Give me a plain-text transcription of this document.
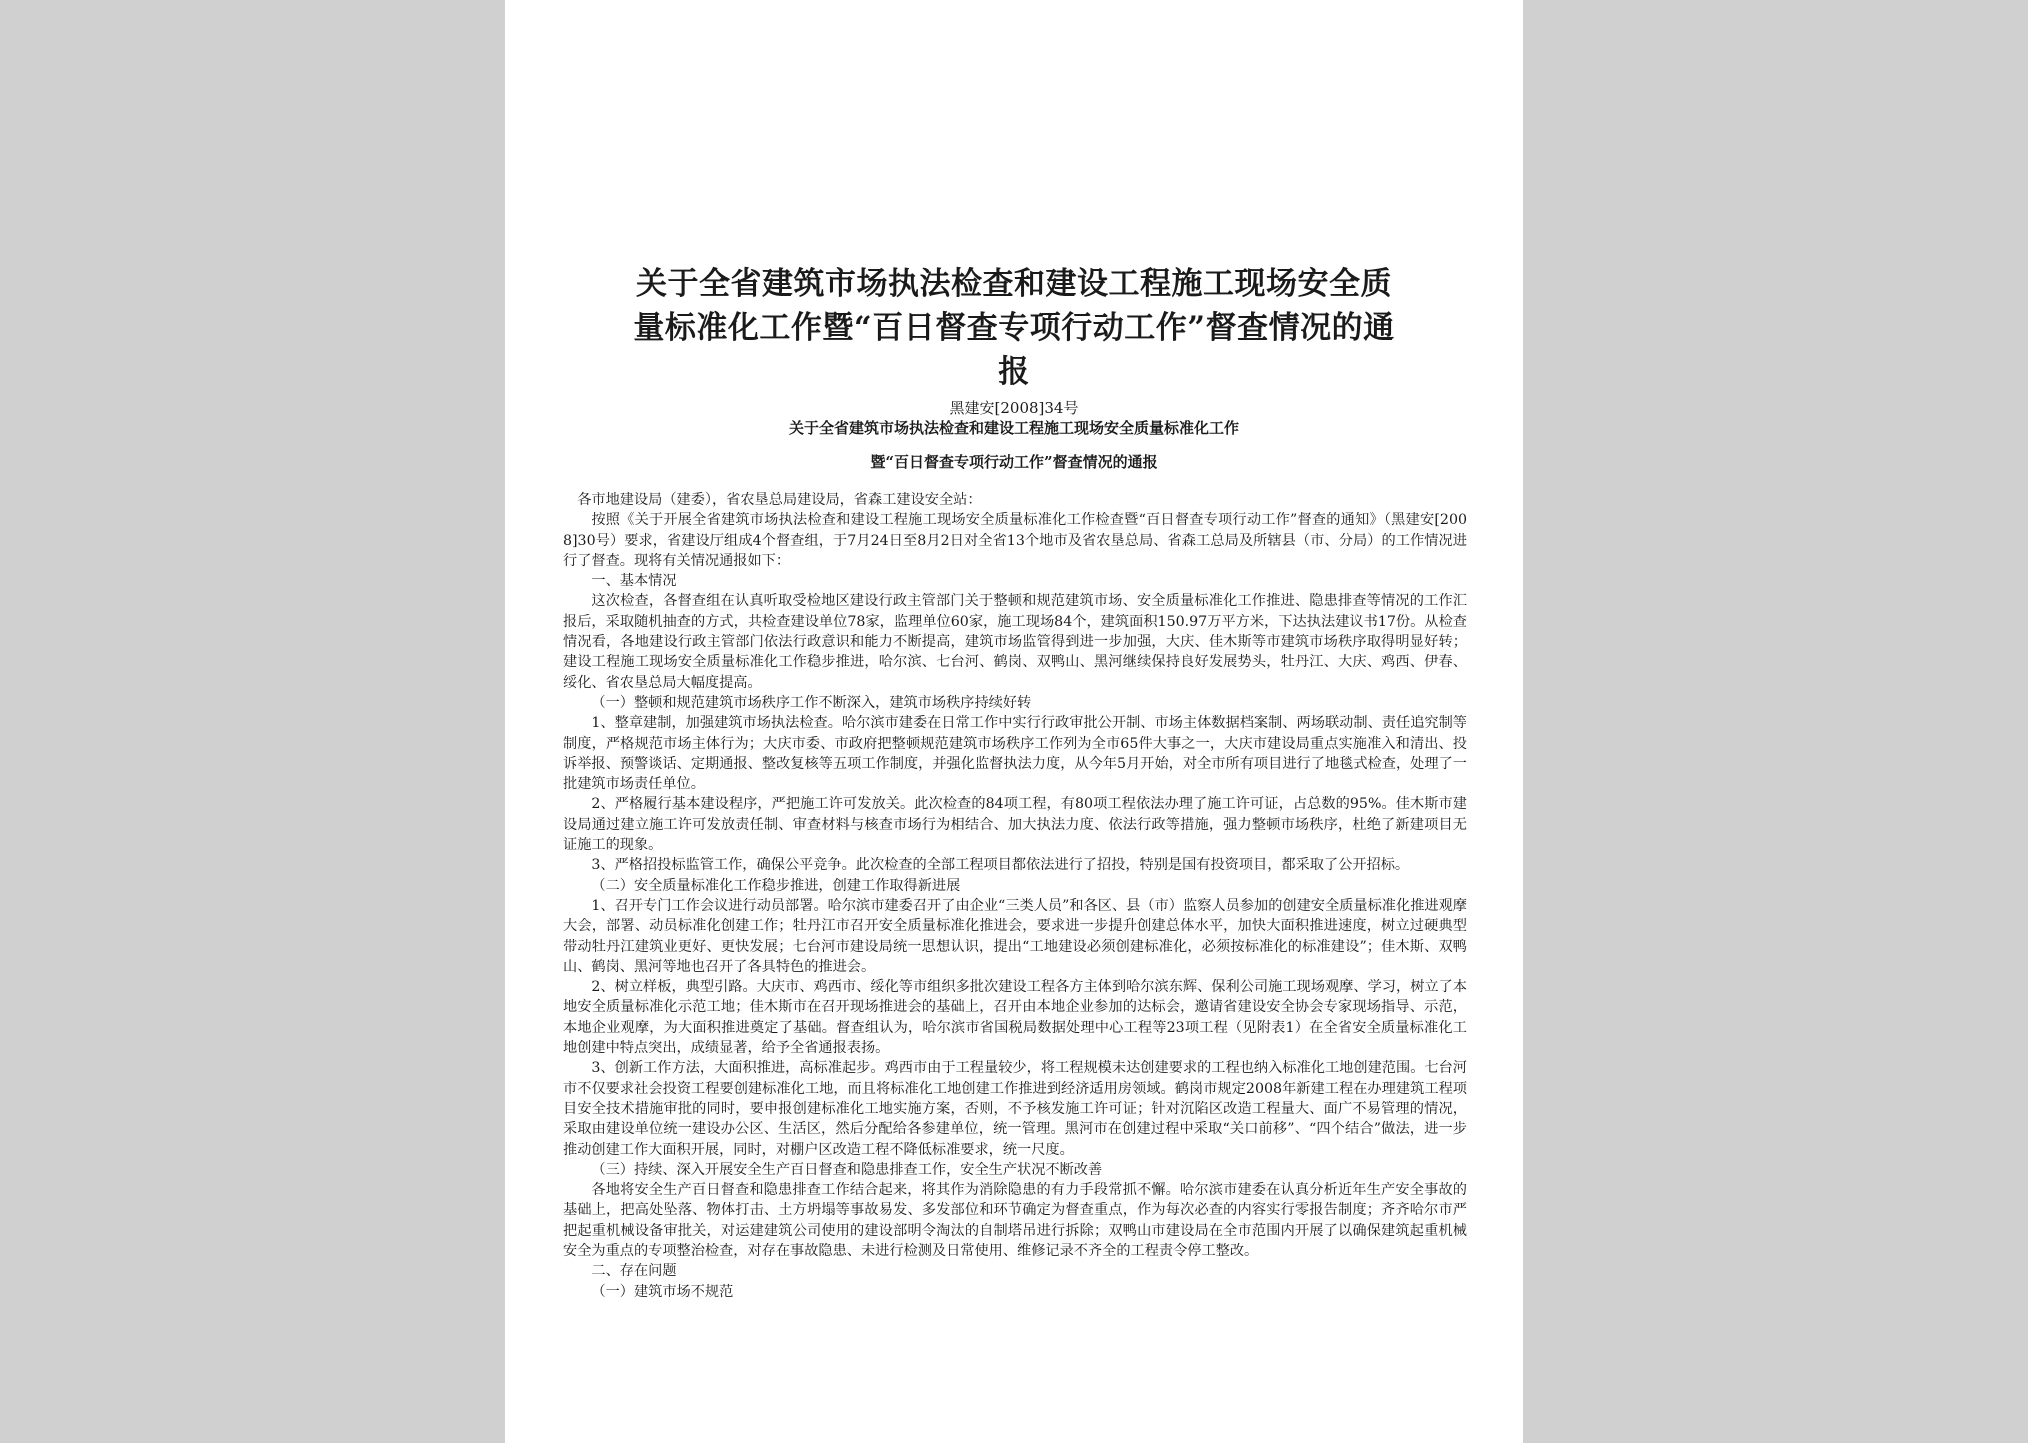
关于全省建筑市场执法检查和建设工程施工现场安全质

量标准化工作暨“百日督查专项行动工作”督查情况的通

报

黑建安[2008]34号
关于全省建筑市场执法检查和建设工程施工现场安全质量标准化工作
暨“百日督查专项行动工作”督查情况的通报

各市地建设局（建委），省农垦总局建设局，省森工建设安全站：

按照《关于开展全省建筑市场执法检查和建设工程施工现场安全质量标准化工作检查暨“百日督查专项行动工作”督查的通知》（黑建安[2008]30号）要求，省建设厅组成4个督查组，于7月24日至8月2日对全省13个地市及省农垦总局、省森工总局及所辖县（市、分局）的工作情况进行了督查。现将有关情况通报如下：

一、基本情况

这次检查，各督查组在认真听取受检地区建设行政主管部门关于整顿和规范建筑市场、安全质量标准化工作推进、隐患排查等情况的工作汇报后，采取随机抽查的方式，共检查建设单位78家，监理单位60家，施工现场84个，建筑面积150.97万平方米，下达执法建议书17份。从检查情况看，各地建设行政主管部门依法行政意识和能力不断提高，建筑市场监管得到进一步加强，大庆、佳木斯等市建筑市场秩序取得明显好转；建设工程施工现场安全质量标准化工作稳步推进，哈尔滨、七台河、鹤岗、双鸭山、黑河继续保持良好发展势头，牡丹江、大庆、鸡西、伊春、绥化、省农垦总局大幅度提高。

（一）整顿和规范建筑市场秩序工作不断深入，建筑市场秩序持续好转

1、整章建制，加强建筑市场执法检查。哈尔滨市建委在日常工作中实行行政审批公开制、市场主体数据档案制、两场联动制、责任追究制等制度，严格规范市场主体行为；大庆市委、市政府把整顿规范建筑市场秩序工作列为全市65件大事之一，大庆市建设局重点实施准入和清出、投诉举报、预警谈话、定期通报、整改复核等五项工作制度，并强化监督执法力度，从今年5月开始，对全市所有项目进行了地毯式检查，处理了一批建筑市场责任单位。

2、严格履行基本建设程序，严把施工许可发放关。此次检查的84项工程，有80项工程依法办理了施工许可证，占总数的95%。佳木斯市建设局通过建立施工许可发放责任制、审查材料与核查市场行为相结合、加大执法力度、依法行政等措施，强力整顿市场秩序，杜绝了新建项目无证施工的现象。

3、严格招投标监管工作，确保公平竞争。此次检查的全部工程项目都依法进行了招投，特别是国有投资项目，都采取了公开招标。

（二）安全质量标准化工作稳步推进，创建工作取得新进展

1、召开专门工作会议进行动员部署。哈尔滨市建委召开了由企业“三类人员”和各区、县（市）监察人员参加的创建安全质量标准化推进观摩大会，部署、动员标准化创建工作；牡丹江市召开安全质量标准化推进会，要求进一步提升创建总体水平，加快大面积推进速度，树立过硬典型带动牡丹江建筑业更好、更快发展；七台河市建设局统一思想认识，提出“工地建设必须创建标准化，必须按标准化的标准建设”；佳木斯、双鸭山、鹤岗、黑河等地也召开了各具特色的推进会。

2、树立样板，典型引路。大庆市、鸡西市、绥化等市组织多批次建设工程各方主体到哈尔滨东辉、保利公司施工现场观摩、学习，树立了本地安全质量标准化示范工地；佳木斯市在召开现场推进会的基础上，召开由本地企业参加的达标会，邀请省建设安全协会专家现场指导、示范，本地企业观摩，为大面积推进奠定了基础。督查组认为，哈尔滨市省国税局数据处理中心工程等23项工程（见附表1）在全省安全质量标准化工地创建中特点突出，成绩显著，给予全省通报表扬。

3、创新工作方法，大面积推进，高标准起步。鸡西市由于工程量较少，将工程规模未达创建要求的工程也纳入标准化工地创建范围。七台河市不仅要求社会投资工程要创建标准化工地，而且将标准化工地创建工作推进到经济适用房领域。鹤岗市规定2008年新建工程在办理建筑工程项目安全技术措施审批的同时，要申报创建标准化工地实施方案，否则，不予核发施工许可证；针对沉陷区改造工程量大、面广不易管理的情况，采取由建设单位统一建设办公区、生活区，然后分配给各参建单位，统一管理。黑河市在创建过程中采取“关口前移”、“四个结合”做法，进一步推动创建工作大面积开展，同时，对棚户区改造工程不降低标准要求，统一尺度。

（三）持续、深入开展安全生产百日督查和隐患排查工作，安全生产状况不断改善

各地将安全生产百日督查和隐患排查工作结合起来，将其作为消除隐患的有力手段常抓不懈。哈尔滨市建委在认真分析近年生产安全事故的基础上，把高处坠落、物体打击、土方坍塌等事故易发、多发部位和环节确定为督查重点，作为每次必查的内容实行零报告制度；齐齐哈尔市严把起重机械设备审批关，对运建建筑公司使用的建设部明令淘汰的自制塔吊进行拆除；双鸭山市建设局在全市范围内开展了以确保建筑起重机械安全为重点的专项整治检查，对存在事故隐患、未进行检测及日常使用、维修记录不齐全的工程责令停工整改。

二、存在问题

（一）建筑市场不规范
